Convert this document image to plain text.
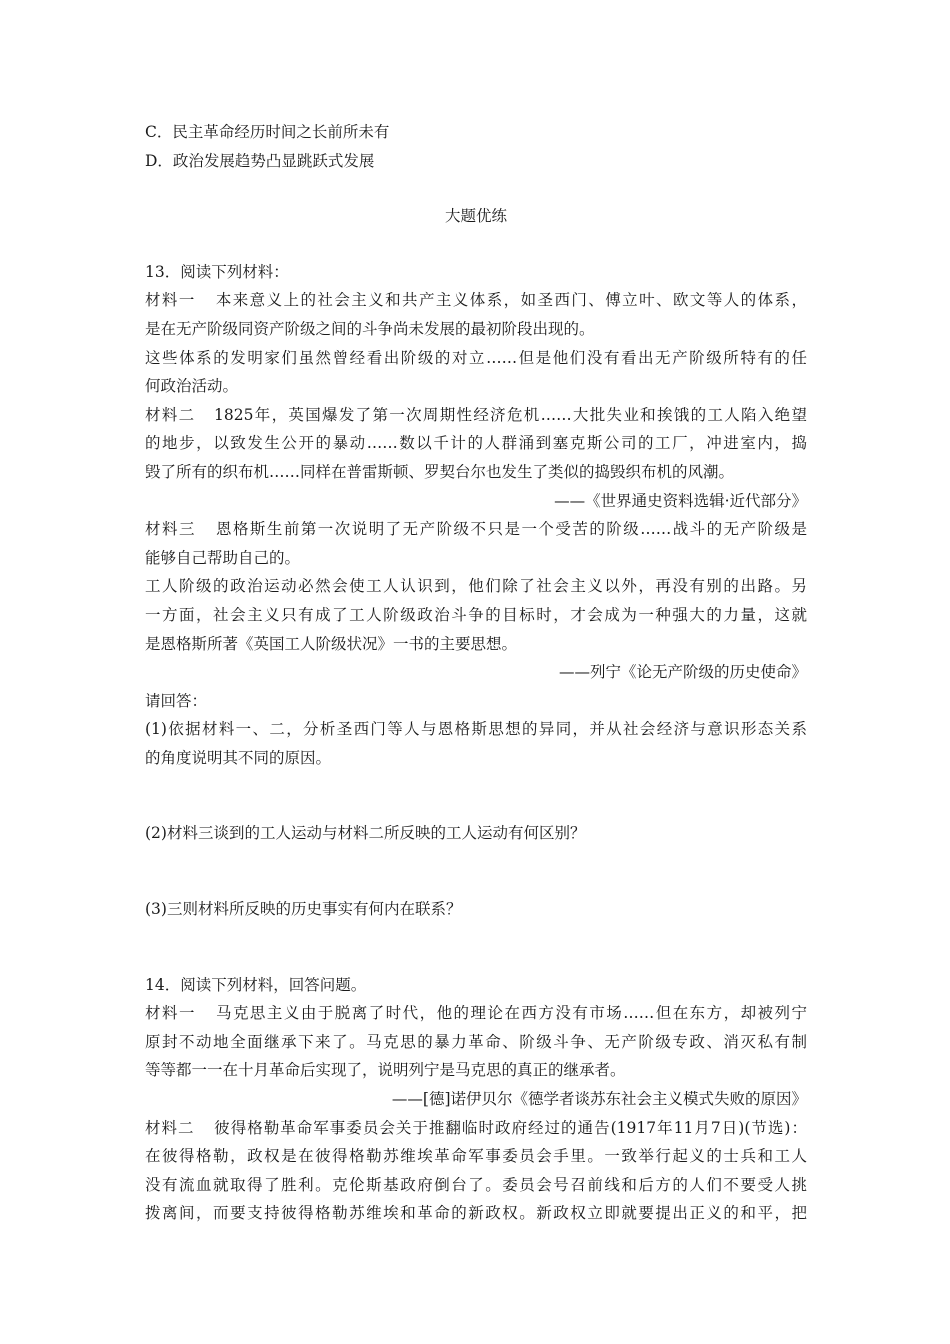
C．民主革命经历时间之长前所未有
D．政治发展趋势凸显跳跃式发展
大题优练
13．阅读下列材料：
材料一 本来意义上的社会主义和共产主义体系，如圣西门、傅立叶、欧文等人的体系，
是在无产阶级同资产阶级之间的斗争尚未发展的最初阶段出现的。
这些体系的发明家们虽然曾经看出阶级的对立……但是他们没有看出无产阶级所特有的任
何政治活动。
材料二 1825年，英国爆发了第一次周期性经济危机……大批失业和挨饿的工人陷入绝望
的地步，以致发生公开的暴动……数以千计的人群涌到塞克斯公司的工厂，冲进室内，捣
毁了所有的织布机……同样在普雷斯顿、罗契台尔也发生了类似的捣毁织布机的风潮。
——《世界通史资料选辑·近代部分》
材料三 恩格斯生前第一次说明了无产阶级不只是一个受苦的阶级……战斗的无产阶级是
能够自己帮助自己的。
工人阶级的政治运动必然会使工人认识到，他们除了社会主义以外，再没有别的出路。另
一方面，社会主义只有成了工人阶级政治斗争的目标时，才会成为一种强大的力量，这就
是恩格斯所著《英国工人阶级状况》一书的主要思想。
——列宁《论无产阶级的历史使命》
请回答：
(1)依据材料一、二，分析圣西门等人与恩格斯思想的异同，并从社会经济与意识形态关系
的角度说明其不同的原因。
(2)材料三谈到的工人运动与材料二所反映的工人运动有何区别？
(3)三则材料所反映的历史事实有何内在联系？
14．阅读下列材料，回答问题。
材料一 马克思主义由于脱离了时代，他的理论在西方没有市场……但在东方，却被列宁
原封不动地全面继承下来了。马克思的暴力革命、阶级斗争、无产阶级专政、消灭私有制
等等都一一在十月革命后实现了，说明列宁是马克思的真正的继承者。
——[德]诺伊贝尔《德学者谈苏东社会主义模式失败的原因》
材料二 彼得格勒革命军事委员会关于推翻临时政府经过的通告(1917年11月7日)(节选)：
在彼得格勒，政权是在彼得格勒苏维埃革命军事委员会手里。一致举行起义的士兵和工人
没有流血就取得了胜利。克伦斯基政府倒台了。委员会号召前线和后方的人们不要受人挑
拨离间，而要支持彼得格勒苏维埃和革命的新政权。新政权立即就要提出正义的和平，把
